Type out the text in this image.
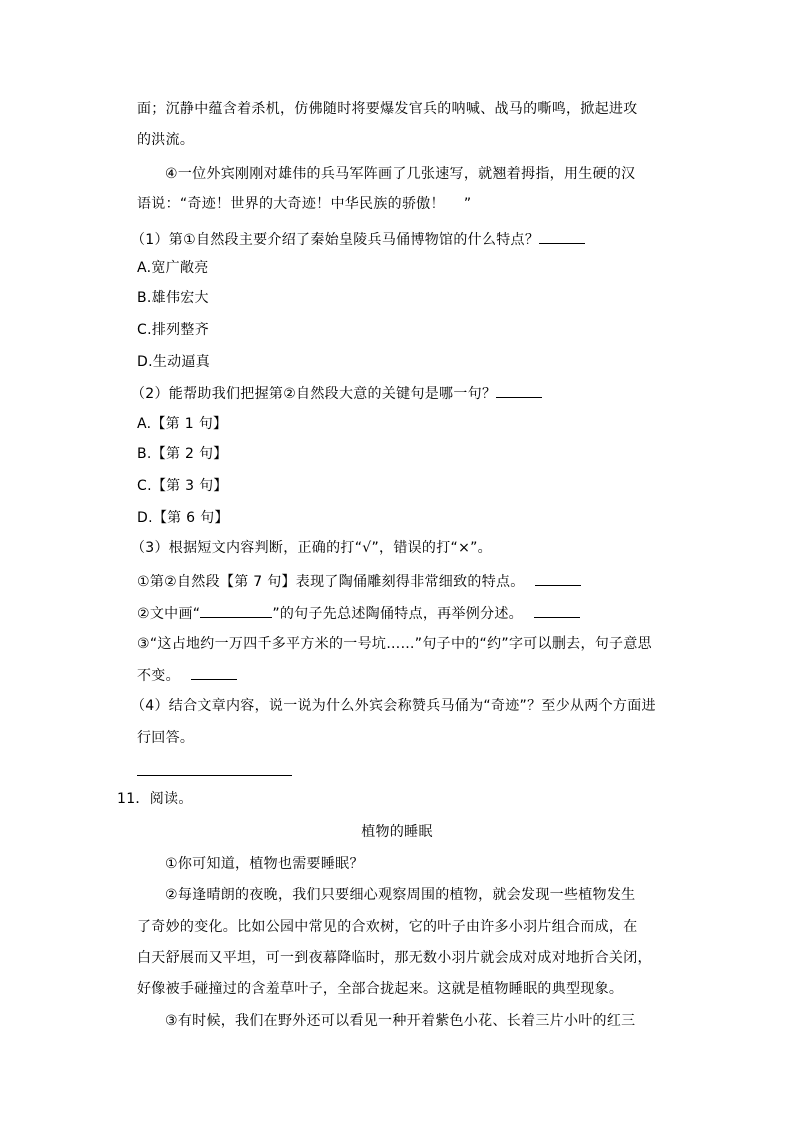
面；沉静中蕴含着杀机，仿佛随时将要爆发官兵的呐喊、战马的嘶鸣，掀起进攻
的洪流。
④一位外宾刚刚对雄伟的兵马军阵画了几张速写，就翘着拇指，用生硬的汉
语说：“奇迹！世界的大奇迹！中华民族的骄傲！　 ”
（1）第①自然段主要介绍了秦始皇陵兵马俑博物馆的什么特点？
A.宽广敞亮
B.雄伟宏大
C.排列整齐
D.生动逼真
（2）能帮助我们把握第②自然段大意的关键句是哪一句？
A.【第 1 句】
B.【第 2 句】
C.【第 3 句】
D.【第 6 句】
（3）根据短文内容判断，正确的打“√”，错误的打“×”。
①第②自然段【第 7 句】表现了陶俑雕刻得非常细致的特点。
②文中画“	”的句子先总述陶俑特点，再举例分述。
③“这占地约一万四千多平方米的一号坑……”句子中的“约”字可以删去，句子意思
不变。
（4）结合文章内容，说一说为什么外宾会称赞兵马俑为“奇迹”？至少从两个方面进
行回答。
11．阅读。
植物的睡眠
①你可知道，植物也需要睡眠？
②每逢晴朗的夜晚，我们只要细心观察周围的植物，就会发现一些植物发生
了奇妙的变化。比如公园中常见的合欢树，它的叶子由许多小羽片组合而成，在
白天舒展而又平坦，可一到夜幕降临时，那无数小羽片就会成对成对地折合关闭，
好像被手碰撞过的含羞草叶子，全部合拢起来。这就是植物睡眠的典型现象。
③有时候，我们在野外还可以看见一种开着紫色小花、长着三片小叶的红三
